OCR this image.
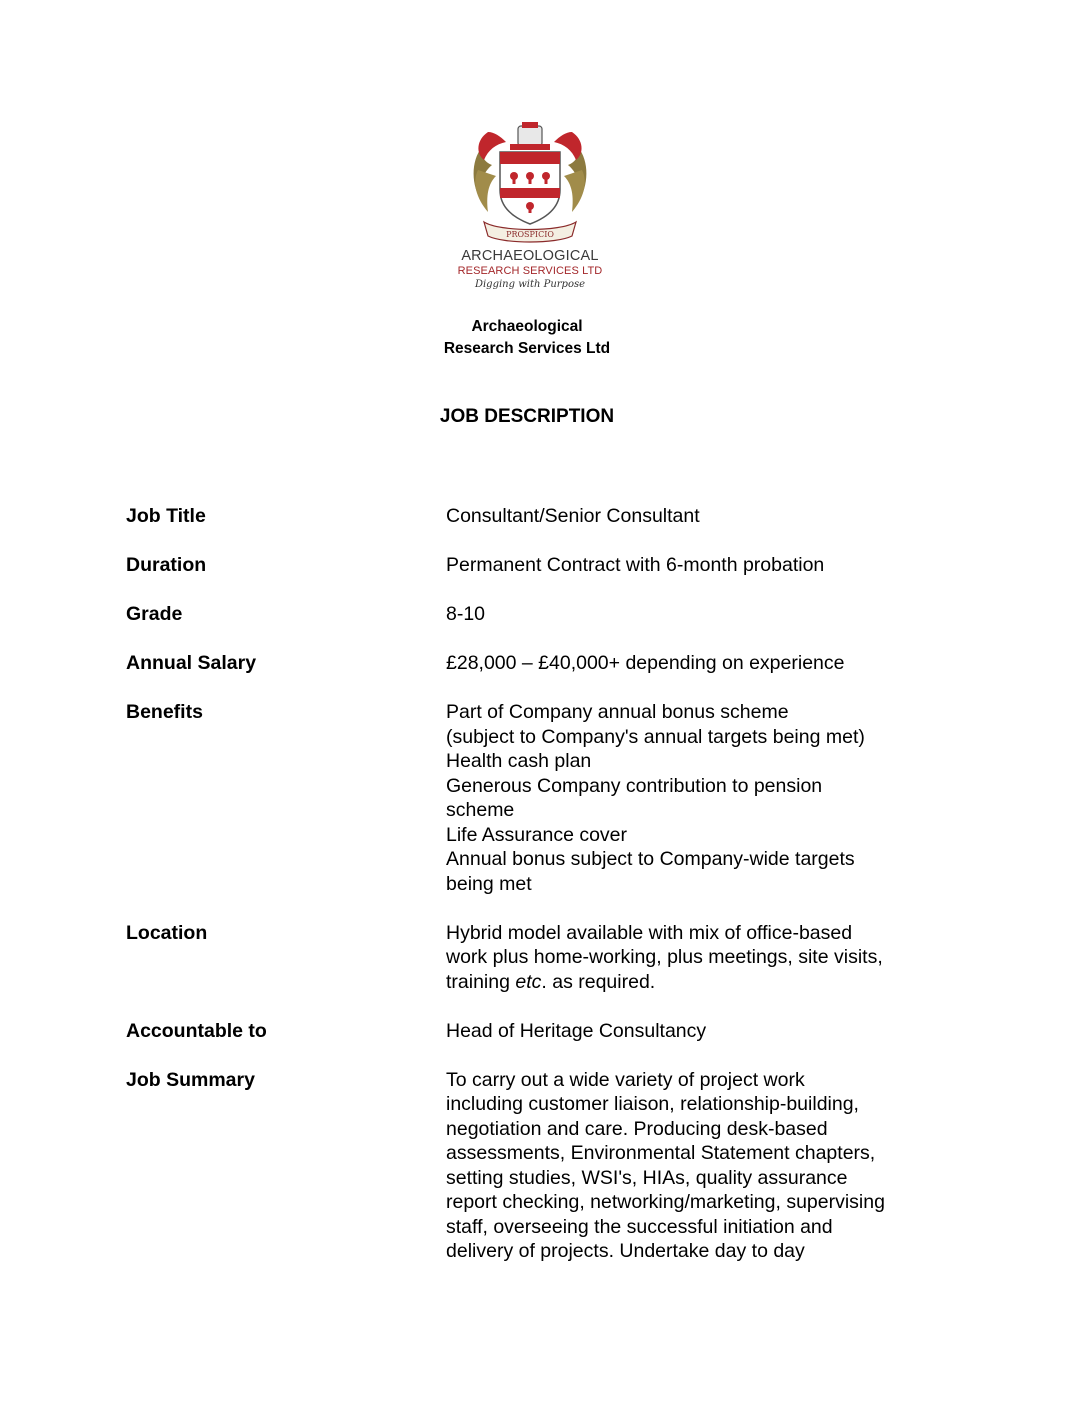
PROSPICIO
ARCHAEOLOGICAL
RESEARCH SERVICES LTD
Digging with Purpose
Archaeological
Research Services Ltd
JOB DESCRIPTION
Job Title	Consultant/Senior Consultant
Duration	Permanent Contract with 6-month probation
Grade	8-10
Annual Salary	£28,000 – £40,000+ depending on experience
Benefits	Part of Company annual bonus scheme
(subject to Company's annual targets being met)
Health cash plan
Generous Company contribution to pension
scheme
Life Assurance cover
Annual bonus subject to Company-wide targets
being met
Location	Hybrid model available with mix of office-based
work plus home-working, plus meetings, site visits,
training etc. as required.
Accountable to	Head of Heritage Consultancy
Job Summary	To carry out a wide variety of project work
including customer liaison, relationship-building,
negotiation and care. Producing desk-based
assessments, Environmental Statement chapters,
setting studies, WSI's, HIAs, quality assurance
report checking, networking/marketing, supervising
staff, overseeing the successful initiation and
delivery of projects. Undertake day to day
